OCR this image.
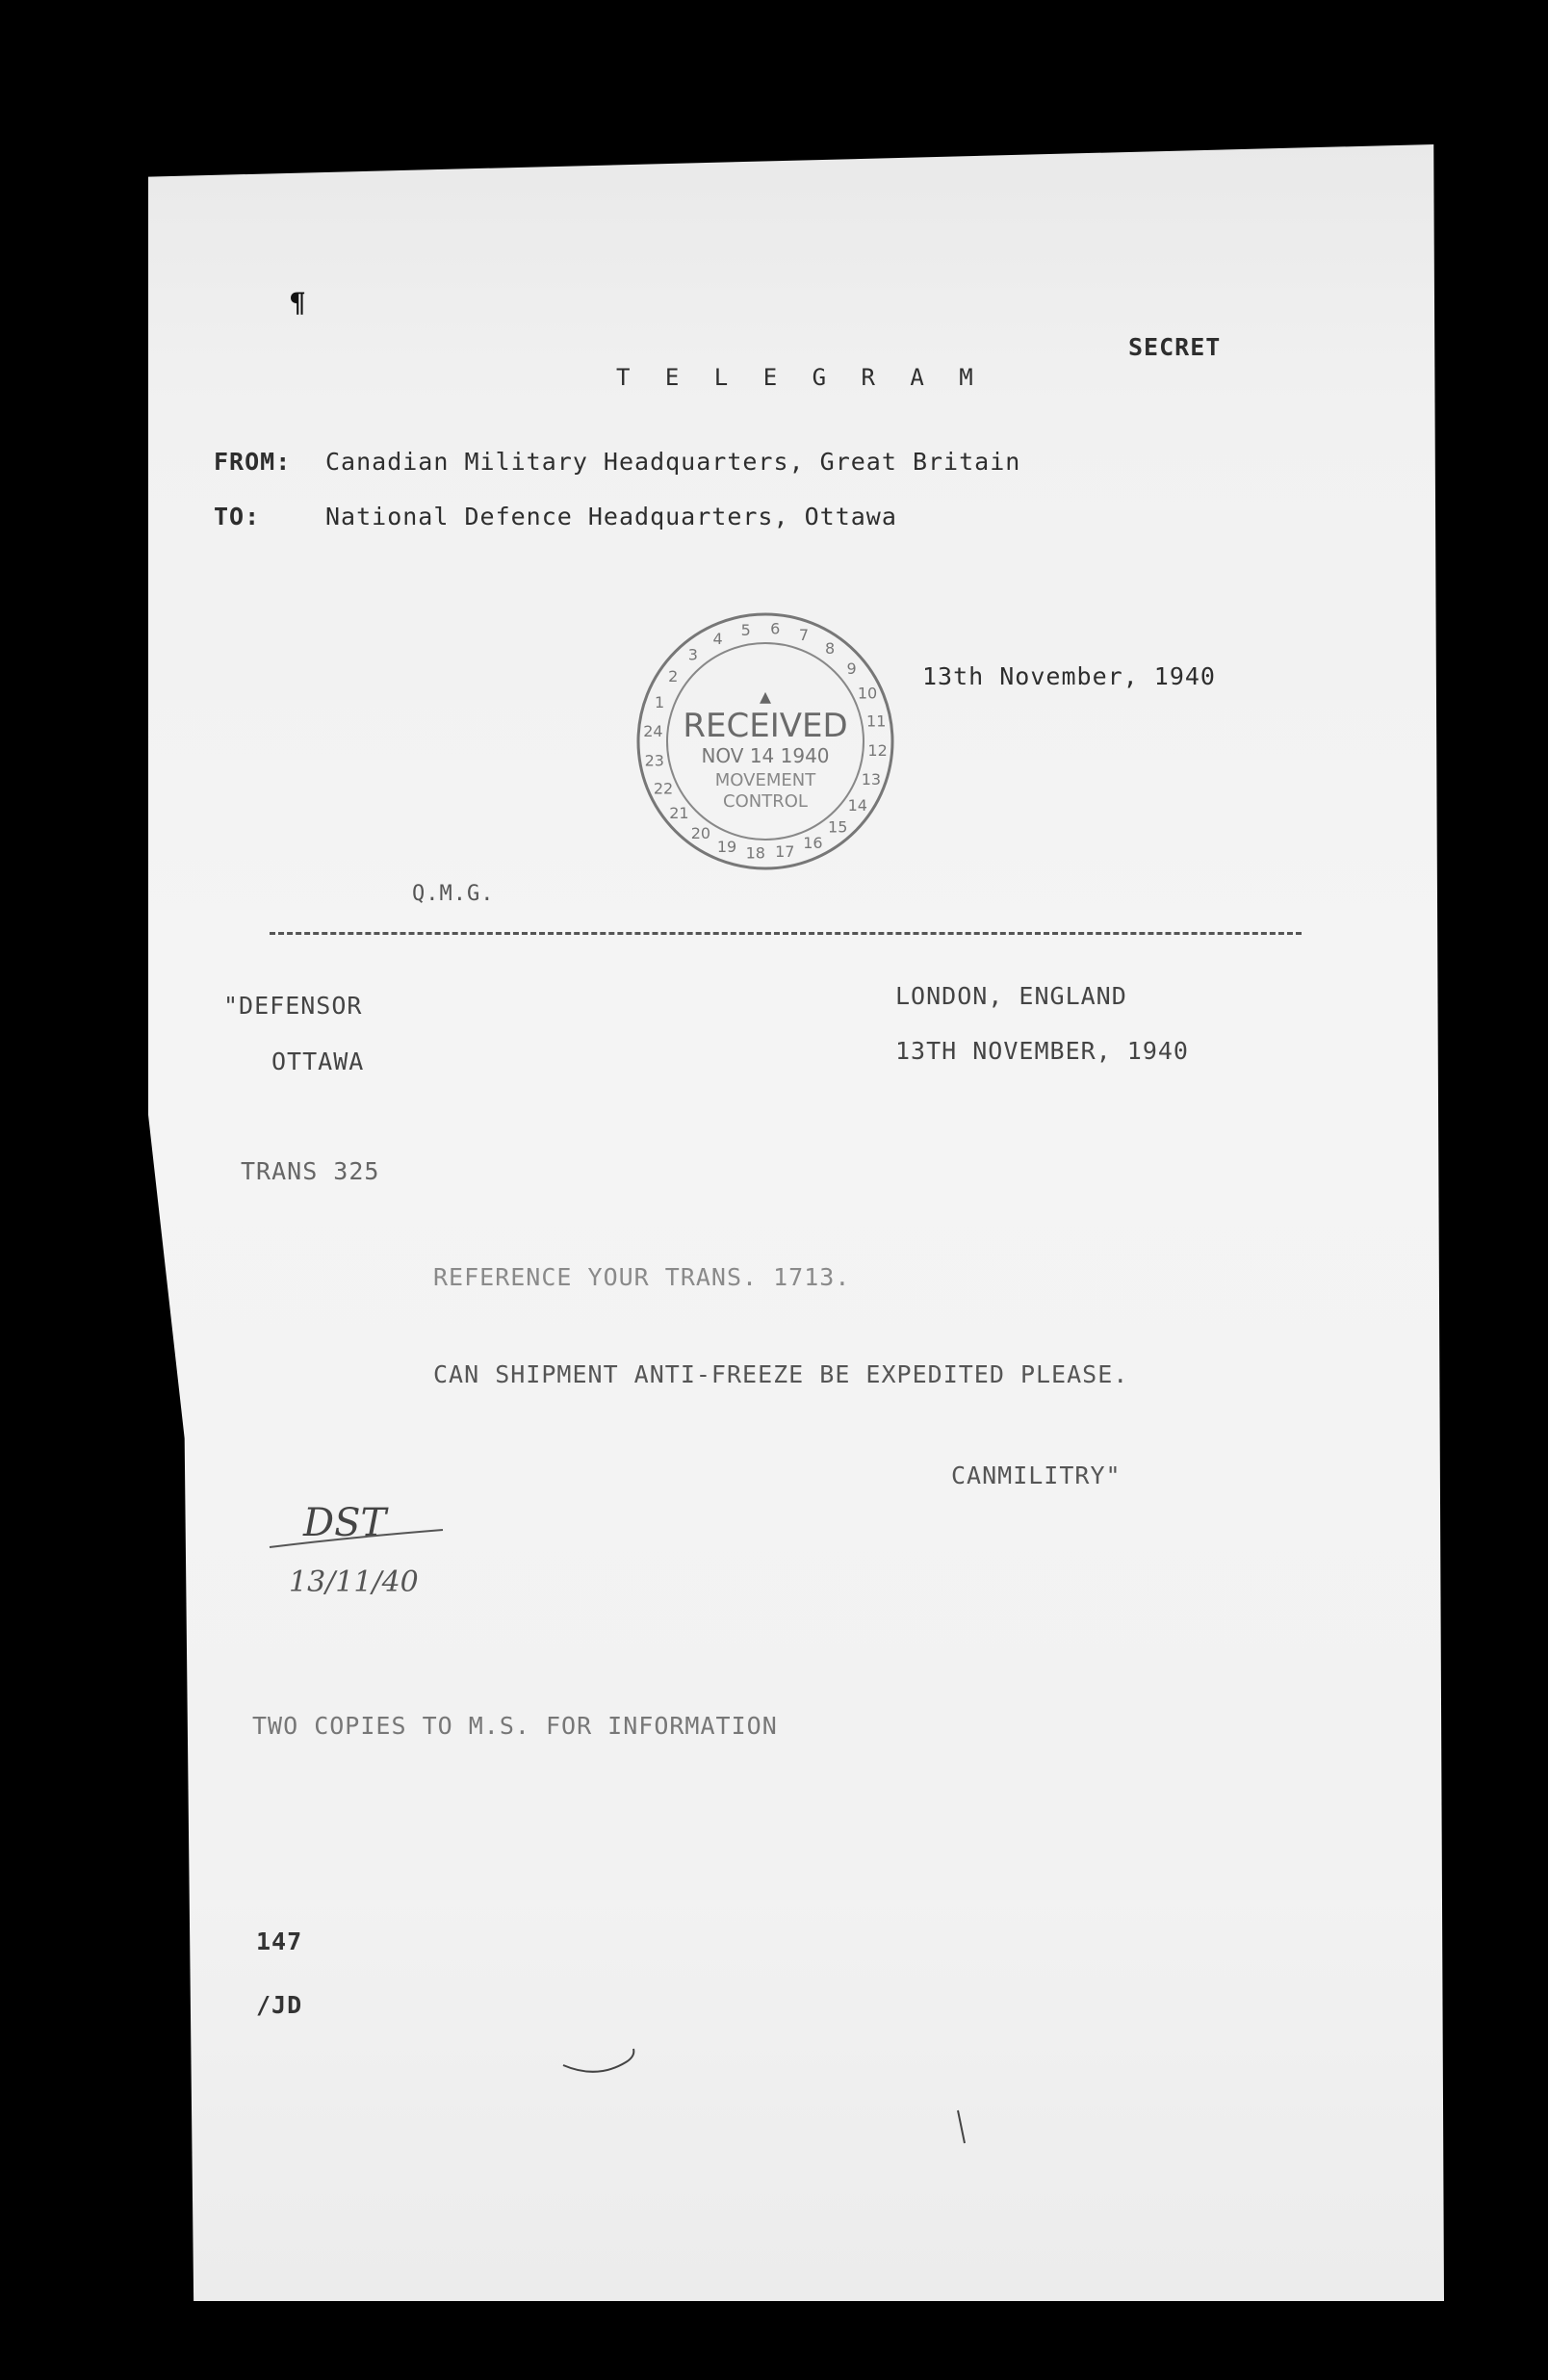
¶
T E L E G R A M
SECRET
FROM: Canadian Military Headquarters, Great Britain
TO:	National Defence Headquarters, Ottawa
1
2
3
4 5 6 7
8
9
10
11
12
13
14
15
16
17
18
19
20
21
22
23
24
▲
RECEIVED
NOV 14 1940
MOVEMENT
CONTROL
13th November, 1940
Q.M.G.
"DEFENSOR
OTTAWA
LONDON, ENGLAND
13TH NOVEMBER, 1940
TRANS 325
REFERENCE YOUR TRANS. 1713.
CAN SHIPMENT ANTI-FREEZE BE EXPEDITED PLEASE.
CANMILITRY"
DST
13/11/40
TWO COPIES TO M.S. FOR INFORMATION
147
/JD
